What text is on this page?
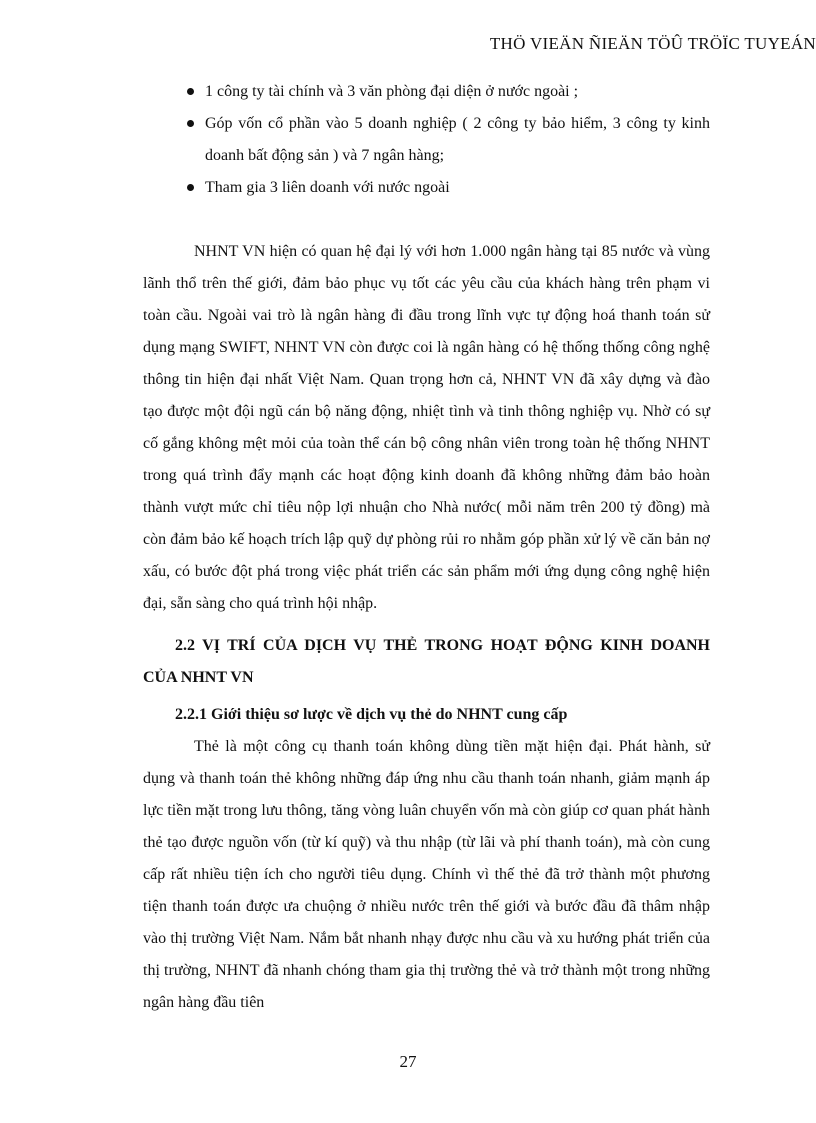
THÖ VIEÄN ÑIEÄN TÖÛ TRÖÏC TUYEÁN
1 công ty tài chính và 3 văn phòng đại diện ở nước ngoài ;
Góp vốn cổ phần vào 5 doanh nghiệp ( 2 công ty bảo hiểm, 3 công ty kinh doanh bất động sản ) và 7 ngân hàng;
Tham gia 3 liên doanh với nước ngoài

NHNT VN hiện có quan hệ đại lý với hơn 1.000 ngân hàng tại 85 nước và vùng lãnh thổ trên thế giới, đảm bảo phục vụ tốt các yêu cầu của khách hàng trên phạm vi toàn cầu. Ngoài vai trò là ngân hàng đi đầu trong lĩnh vực tự động hoá thanh toán sử dụng mạng SWIFT, NHNT VN còn được coi là ngân hàng có hệ thống thống công nghệ thông tin hiện đại nhất Việt Nam. Quan trọng hơn cả, NHNT VN đã xây dựng và đào tạo được một đội ngũ cán bộ năng động, nhiệt tình và tinh thông nghiệp vụ. Nhờ có sự cố gắng không mệt mỏi của toàn thể cán bộ công nhân viên trong toàn hệ thống NHNT trong quá trình đẩy mạnh các hoạt động kinh doanh đã không những đảm bảo hoàn thành vượt mức chỉ tiêu nộp lợi nhuận cho Nhà nước( mỗi năm trên 200 tỷ đồng) mà còn đảm bảo kế hoạch trích lập quỹ dự phòng rủi ro nhằm góp phần xử lý về căn bản nợ xấu, có bước đột phá trong việc phát triển các sản phẩm mới ứng dụng công nghệ hiện đại, sẵn sàng cho quá trình hội nhập.

2.2 VỊ TRÍ CỦA DỊCH VỤ THẺ TRONG HOẠT ĐỘNG KINH DOANH CỦA NHNT VN
2.2.1 Giới thiệu sơ lược về dịch vụ thẻ do NHNT cung cấp

Thẻ là một công cụ thanh toán không dùng tiền mặt hiện đại. Phát hành, sử dụng và thanh toán thẻ không những đáp ứng nhu cầu thanh toán nhanh, giảm mạnh áp lực tiền mặt trong lưu thông, tăng vòng luân chuyển vốn mà còn giúp cơ quan phát hành thẻ tạo được nguồn vốn (từ kí quỹ) và thu nhập (từ lãi và phí thanh toán), mà còn cung cấp rất nhiều tiện ích cho người tiêu dụng. Chính vì thế thẻ đã trở thành một phương tiện thanh toán được ưa chuộng ở nhiều nước trên thế giới và bước đầu đã thâm nhập vào thị trường Việt Nam. Nắm bắt nhanh nhạy được nhu cầu và xu hướng phát triển của thị trường, NHNT đã nhanh chóng tham gia thị trường thẻ và trở thành một trong những ngân hàng đầu tiên

27
